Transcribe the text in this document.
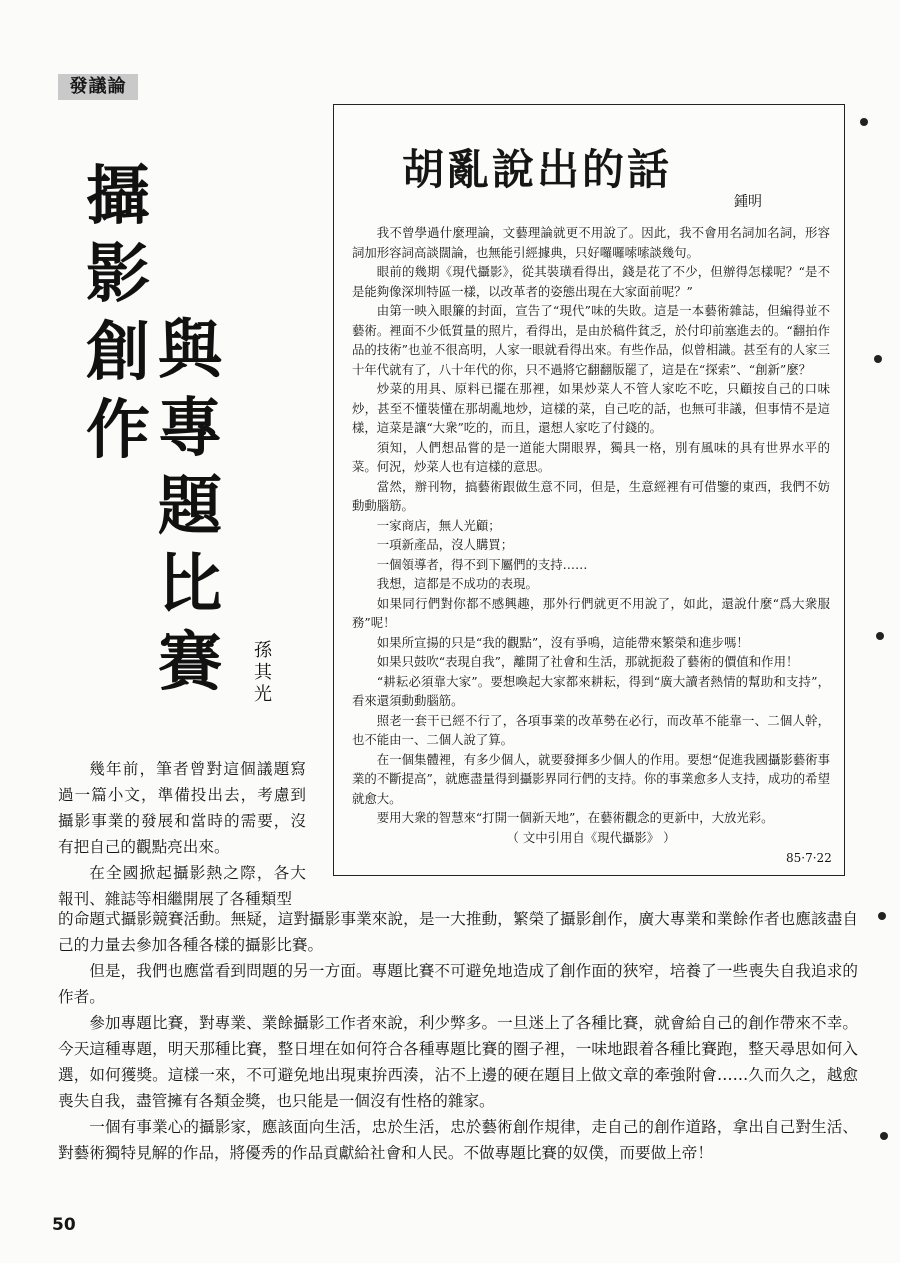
發議論
攝
影
創
作
與
專
題
比
賽 孫
其
光
胡亂說出的話
鍾明

我不曾學過什麼理論，文藝理論就更不用說了。因此，我不會用名詞加名詞，形容詞加形容詞高談闊論，也無能引經據典，只好囉囉嗦嗦談幾句。

眼前的幾期《現代攝影》，從其裝璜看得出，錢是花了不少，但辦得怎樣呢？“是不是能夠像深圳特區一樣，以改革者的姿態出現在大家面前呢？”

由第一映入眼簾的封面，宣告了“現代”味的失敗。這是一本藝術雜誌，但編得並不藝術。裡面不少低質量的照片，看得出，是由於稿件貧乏，於付印前塞進去的。“翻拍作品的技術”也並不很高明，人家一眼就看得出來。有些作品，似曾相識。甚至有的人家三十年代就有了，八十年代的你，只不過將它翻翻版罷了，這是在“探索”、“創新”麼？

炒菜的用具、原料已擺在那裡，如果炒菜人不管人家吃不吃，只顧按自己的口味炒，甚至不懂裝懂在那胡亂地炒，這樣的菜，自己吃的話，也無可非議，但事情不是這樣，這菜是讓“大衆”吃的，而且，還想人家吃了付錢的。

須知，人們想品嘗的是一道能大開眼界，獨具一格，別有風味的具有世界水平的菜。何況，炒菜人也有這樣的意思。

當然，辦刊物，搞藝術跟做生意不同，但是，生意經裡有可借鑒的東西，我們不妨動動腦筋。

一家商店，無人光顧；

一項新產品，沒人購買；

一個領導者，得不到下屬們的支持……

我想，這都是不成功的表現。

如果同行們對你都不感興趣，那外行們就更不用說了，如此，還說什麼“爲大衆服務”呢！

如果所宣揚的只是“我的觀點”，沒有爭鳴，這能帶來繁榮和進步嗎！

如果只鼓吹“表現自我”，離開了社會和生活，那就扼殺了藝術的價值和作用！

“耕耘必須靠大家”。要想喚起大家都來耕耘，得到“廣大讀者熱情的幫助和支持”，看來還須動動腦筋。

照老一套干已經不行了，各項事業的改革勢在必行，而改革不能靠一、二個人幹，也不能由一、二個人說了算。

在一個集體裡，有多少個人，就要發揮多少個人的作用。要想“促進我國攝影藝術事業的不斷提高”，就應盡量得到攝影界同行們的支持。你的事業愈多人支持，成功的希望就愈大。

要用大衆的智慧來“打開一個新天地”，在藝術觀念的更新中，大放光彩。

（ 文中引用自《現代攝影》 ）

85·7·22

幾年前，筆者曾對這個議題寫過一篇小文，準備投出去，考慮到攝影事業的發展和當時的需要，沒有把自己的觀點亮出來。

在全國掀起攝影熱之際，各大報刊、雜誌等相繼開展了各種類型

的命題式攝影競賽活動。無疑，這對攝影事業來說，是一大推動，繁榮了攝影創作，廣大專業和業餘作者也應該盡自己的力量去參加各種各樣的攝影比賽。

但是，我們也應當看到問題的另一方面。專題比賽不可避免地造成了創作面的狹窄，培養了一些喪失自我追求的作者。

參加專題比賽，對專業、業餘攝影工作者來說，利少弊多。一旦迷上了各種比賽，就會給自己的創作帶來不幸。今天這種專題，明天那種比賽，整日埋在如何符合各種專題比賽的圈子裡，一味地跟着各種比賽跑，整天尋思如何入選，如何獲獎。這樣一來，不可避免地出現東拚西湊，沾不上邊的硬在題目上做文章的牽強附會……久而久之，越愈喪失自我，盡管擁有各類金獎，也只能是一個沒有性格的雜家。

一個有事業心的攝影家，應該面向生活，忠於生活，忠於藝術創作規律，走自己的創作道路，拿出自己對生活、對藝術獨特見解的作品，將優秀的作品貢獻給社會和人民。不做專題比賽的奴僕，而要做上帝！

50
